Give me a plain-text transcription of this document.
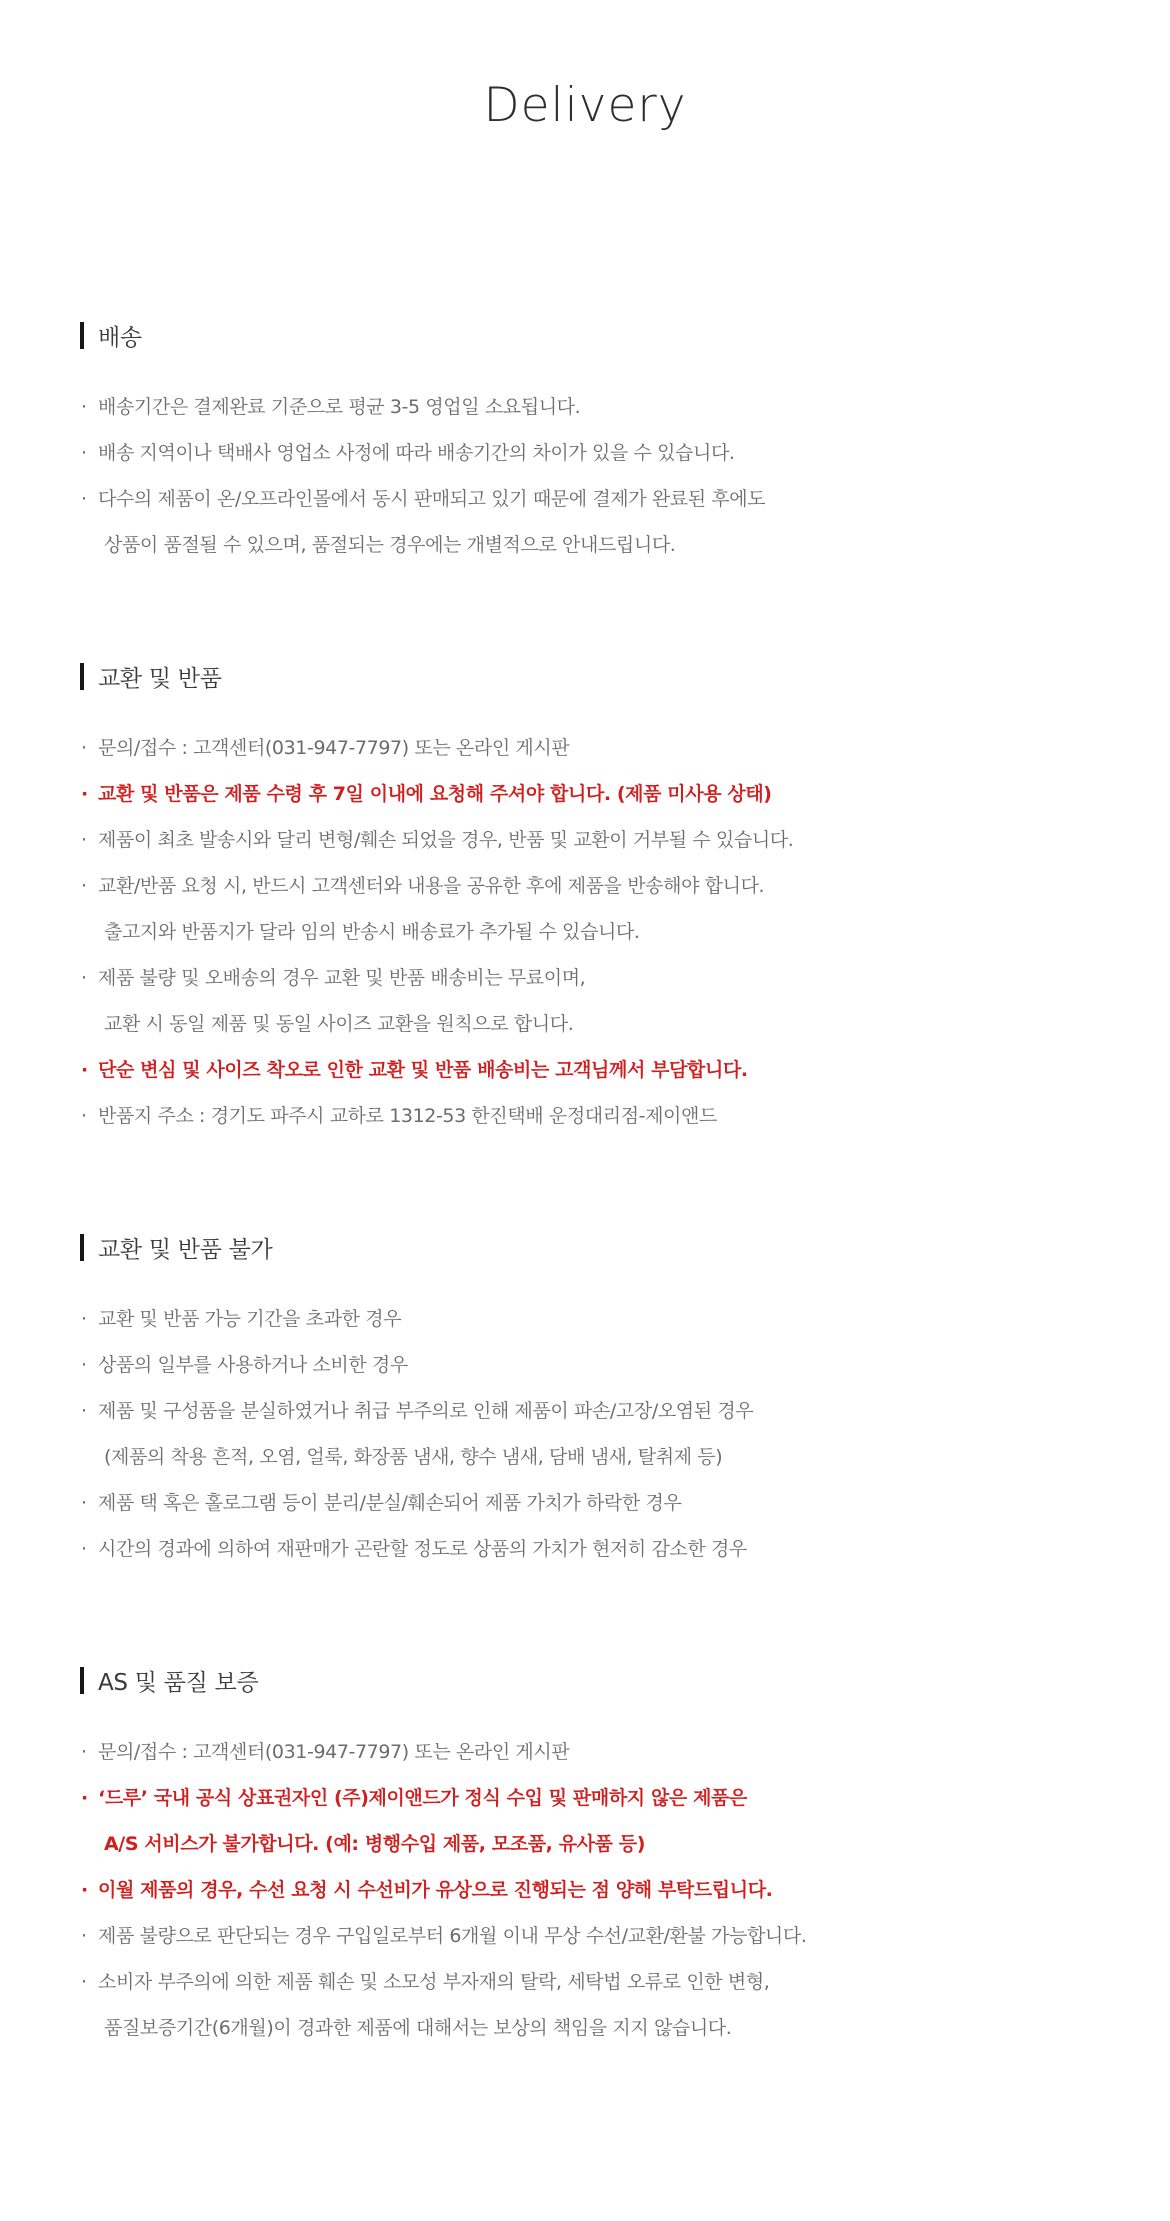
Delivery
배송

· 배송기간은 결제완료 기준으로 평균 3-5 영업일 소요됩니다.

· 배송 지역이나 택배사 영업소 사정에 따라 배송기간의 차이가 있을 수 있습니다.

· 다수의 제품이 온/오프라인몰에서 동시 판매되고 있기 때문에 결제가 완료된 후에도

상품이 품절될 수 있으며, 품절되는 경우에는 개별적으로 안내드립니다.

교환 및 반품

· 문의/접수 : 고객센터(031-947-7797) 또는 온라인 게시판

· 교환 및 반품은 제품 수령 후 7일 이내에 요청해 주셔야 합니다. (제품 미사용 상태)

· 제품이 최초 발송시와 달리 변형/훼손 되었을 경우, 반품 및 교환이 거부될 수 있습니다.

· 교환/반품 요청 시, 반드시 고객센터와 내용을 공유한 후에 제품을 반송해야 합니다.

출고지와 반품지가 달라 임의 반송시 배송료가 추가될 수 있습니다.

· 제품 불량 및 오배송의 경우 교환 및 반품 배송비는 무료이며,

교환 시 동일 제품 및 동일 사이즈 교환을 원칙으로 합니다.

· 단순 변심 및 사이즈 착오로 인한 교환 및 반품 배송비는 고객님께서 부담합니다.

· 반품지 주소 : 경기도 파주시 교하로 1312-53 한진택배 운정대리점-제이앤드

교환 및 반품 불가

· 교환 및 반품 가능 기간을 초과한 경우

· 상품의 일부를 사용하거나 소비한 경우

· 제품 및 구성품을 분실하였거나 취급 부주의로 인해 제품이 파손/고장/오염된 경우

(제품의 착용 흔적, 오염, 얼룩, 화장품 냄새, 향수 냄새, 담배 냄새, 탈취제 등)

· 제품 택 혹은 홀로그램 등이 분리/분실/훼손되어 제품 가치가 하락한 경우

· 시간의 경과에 의하여 재판매가 곤란할 정도로 상품의 가치가 현저히 감소한 경우

AS 및 품질 보증

· 문의/접수 : 고객센터(031-947-7797) 또는 온라인 게시판

· ‘드루’ 국내 공식 상표권자인 (주)제이앤드가 정식 수입 및 판매하지 않은 제품은

A/S 서비스가 불가합니다. (예: 병행수입 제품, 모조품, 유사품 등)

· 이월 제품의 경우, 수선 요청 시 수선비가 유상으로 진행되는 점 양해 부탁드립니다.

· 제품 불량으로 판단되는 경우 구입일로부터 6개월 이내 무상 수선/교환/환불 가능합니다.

· 소비자 부주의에 의한 제품 훼손 및 소모성 부자재의 탈락, 세탁법 오류로 인한 변형,

품질보증기간(6개월)이 경과한 제품에 대해서는 보상의 책임을 지지 않습니다.
